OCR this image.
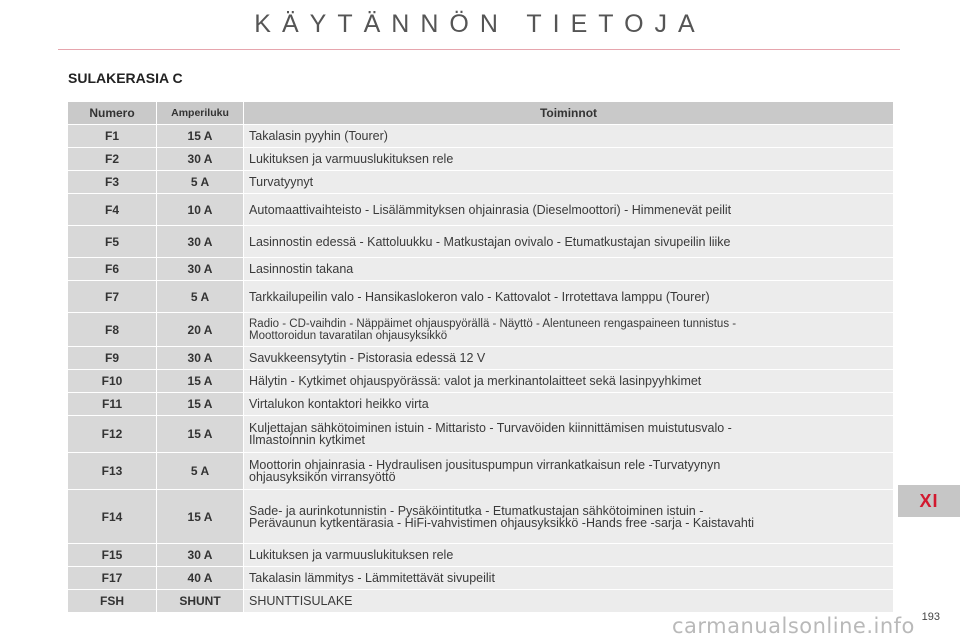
KÄYTÄNNÖN TIETOJA
SULAKERASIA C
Numero	Amperiluku	Toiminnot
F1	15 A	Takalasin pyyhin (Tourer)
F2	30 A	Lukituksen ja varmuuslukituksen rele
F3	5 A	Turvatyynyt
F4	10 A	Automaattivaihteisto - Lisälämmityksen ohjainrasia (Dieselmoottori) - Himmenevät peilit
F5	30 A	Lasinnostin edessä - Kattoluukku - Matkustajan ovivalo - Etumatkustajan sivupeilin liike
F6	30 A	Lasinnostin takana
F7	5 A	Tarkkailupeilin valo - Hansikaslokeron valo - Kattovalot - Irrotettava lamppu (Tourer)
F8	20 A	Radio - CD-vaihdin - Näppäimet ohjauspyörällä - Näyttö - Alentuneen rengaspaineen tunnistus -
Moottoroidun tavaratilan ohjausyksikkö

F9	30 A	Savukkeensytytin - Pistorasia edessä 12 V
F10	15 A	Hälytin - Kytkimet ohjauspyörässä: valot ja merkinantolaitteet sekä lasinpyyhkimet
F11	15 A	Virtalukon kontaktori heikko virta
F12	15 A	Kuljettajan sähkötoiminen istuin - Mittaristo - Turvavöiden kiinnittämisen muistutusvalo -
Ilmastoinnin kytkimet

F13	5 A	Moottorin ohjainrasia - Hydraulisen jousituspumpun virrankatkaisun rele -Turvatyynyn
ohjausyksikön virransyöttö

F14	15 A	Sade- ja aurinkotunnistin - Pysäköintitutka - Etumatkustajan sähkötoiminen istuin -
Perävaunun kytkentärasia - HiFi-vahvistimen ohjausyksikkö -Hands free -sarja - Kaistavahti

F15	30 A	Lukituksen ja varmuuslukituksen rele
F17	40 A	Takalasin lämmitys - Lämmitettävät sivupeilit
FSH	SHUNT	SHUNTTISULAKE
XI
carmanualsonline.info 193
